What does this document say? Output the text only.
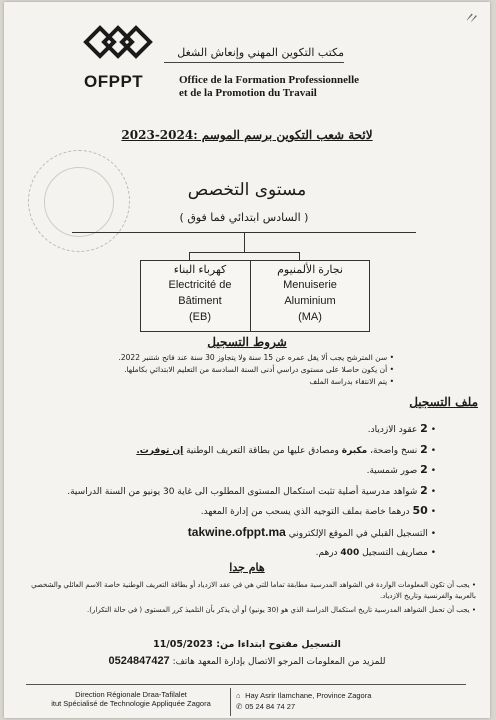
〃
OFPPT
مكتب التكوين المهني وإنعاش الشغل
Office de la Formation Professionnelle
et de la Promotion du Travail
لائحة شعب التكوين برسم الموسم :2024-2023
مستوى التخصص
( السادس ابتدائي فما فوق )
كهرباء البناء
Electricité de
Bâtiment
(EB)
نجارة الألمنيوم
Menuiserie
Aluminium
(MA)
شروط التسجيل
• سن المترشح يجب ألا يقل عمره عن 15 سنة ولا يتجاوز 30 سنة عند فاتح شتنبر 2022.
• أن يكون حاصلا على مستوى دراسي أدنى السنة السادسة من التعليم الابتدائي بكاملها.
• يتم الانتقاء بدراسة الملف
ملف التسجيل
• 2 عقود الازدياد.
• 2 نسخ واضحة، مكبرة ومصادق عليها من بطاقة التعريف الوطنية إن توفرت.
• 2 صور شمسية.
• 2 شواهد مدرسية أصلية تثبت استكمال المستوى المطلوب الى غاية 30 يونيو من السنة الدراسية.
• 50 درهما خاصة بملف التوجيه الذي يسحب من إدارة المعهد.
• التسجيل القبلي في الموقع الإلكتروني takwine.ofppt.ma
• مصاريف التسجيل 400 درهم.
هام جدا
• يجب أن تكون المعلومات الواردة في الشواهد المدرسية مطابقة تماما للتي هي في عقد الازدياد أو بطاقة التعريف الوطنية خاصة الاسم العائلي والشخصي بالعربية والفرنسية وتاريخ الازدياد.
• يجب أن تحمل الشواهد المدرسية تاريخ استكمال الدراسة الذي هو (30 يونيو) أو أن يذكر بأن التلميذ كرر المستوى ( في حالة التكرار).
التسجيل مفتوح ابتداءا من: 11/05/2023
للمزيد من المعلومات المرجو الاتصال بإدارة المعهد هاتف: 0524847427
Direction Régionale Draa-Tafilalet
itut Spécialisé de Technologie Appliquée Zagora
⌂ Hay Asrir Ilamchane, Province Zagora
✆ 05 24 84 74 27
